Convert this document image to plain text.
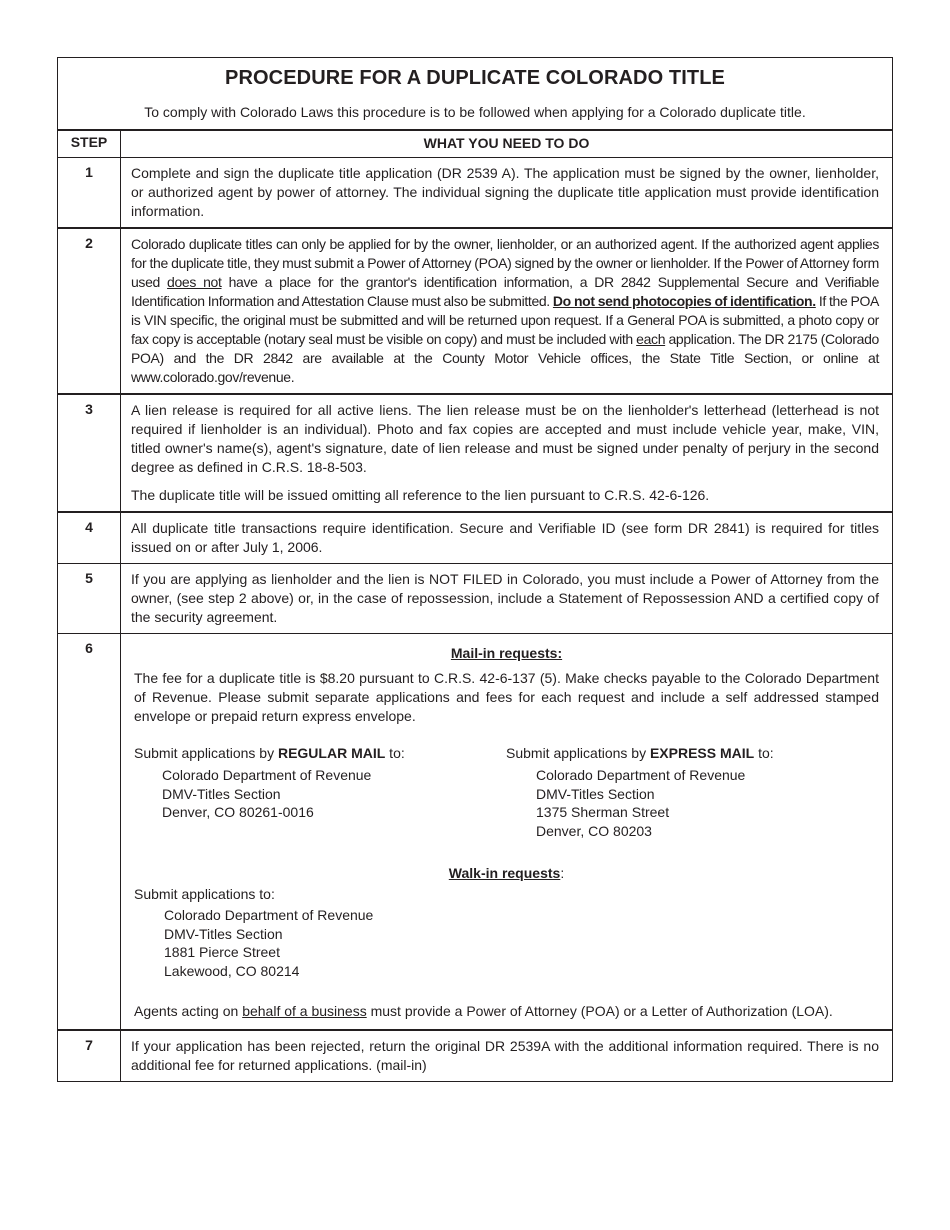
PROCEDURE FOR A DUPLICATE COLORADO TITLE
To comply with Colorado Laws this procedure is to be followed when applying for a Colorado duplicate title.
STEP	WHAT YOU NEED TO DO
1	Complete and sign the duplicate title application (DR 2539 A). The application must be signed by the owner, lienholder, or authorized agent by power of attorney. The individual signing the duplicate title application must provide identification information.

2	Colorado duplicate titles can only be applied for by the owner, lienholder, or an authorized agent. If the authorized agent applies for the duplicate title, they must submit a Power of Attorney (POA) signed by the owner or lienholder. If the Power of Attorney form used does not have a place for the grantor's identification information, a DR 2842 Supplemental Secure and Verifiable Identification Information and Attestation Clause must also be submitted. Do not send photocopies of identification. If the POA is VIN specific, the original must be submitted and will be returned upon request. If a General POA is submitted, a photo copy or fax copy is acceptable (notary seal must be visible on copy) and must be included with each application. The DR 2175 (Colorado POA) and the DR 2842 are available at the County Motor Vehicle offices, the State Title Section, or online at www.colorado.gov/revenue.

3	A lien release is required for all active liens. The lien release must be on the lienholder's letterhead (letterhead is not required if lienholder is an individual). Photo and fax copies are accepted and must include vehicle year, make, VIN, titled owner's name(s), agent's signature, date of lien release and must be signed under penalty of perjury in the second degree as defined in C.R.S. 18-8-503.

The duplicate title will be issued omitting all reference to the lien pursuant to C.R.S. 42-6-126.

4	All duplicate title transactions require identification. Secure and Verifiable ID (see form DR 2841) is required for titles issued on or after July 1, 2006.

5	If you are applying as lienholder and the lien is NOT FILED in Colorado, you must include a Power of Attorney from the owner, (see step 2 above) or, in the case of repossession, include a Statement of Repossession AND a certified copy of the security agreement.

6	Mail-in requests:

The fee for a duplicate title is $8.20 pursuant to C.R.S. 42-6-137 (5). Make checks payable to the Colorado Department of Revenue. Please submit separate applications and fees for each request and include a self addressed stamped envelope or prepaid return express envelope.

Submit applications by REGULAR MAIL to:
Colorado Department of Revenue
DMV-Titles Section
Denver, CO 80261-0016
Submit applications by EXPRESS MAIL to:
Colorado Department of Revenue
DMV-Titles Section
1375 Sherman Street
Denver, CO 80203
Walk-in requests:
Submit applications to:
Colorado Department of Revenue
DMV-Titles Section
1881 Pierce Street
Lakewood, CO 80214

Agents acting on behalf of a business must provide a Power of Attorney (POA) or a Letter of Authorization (LOA).

7	If your application has been rejected, return the original DR 2539A with the additional information required. There is no additional fee for returned applications. (mail-in)
